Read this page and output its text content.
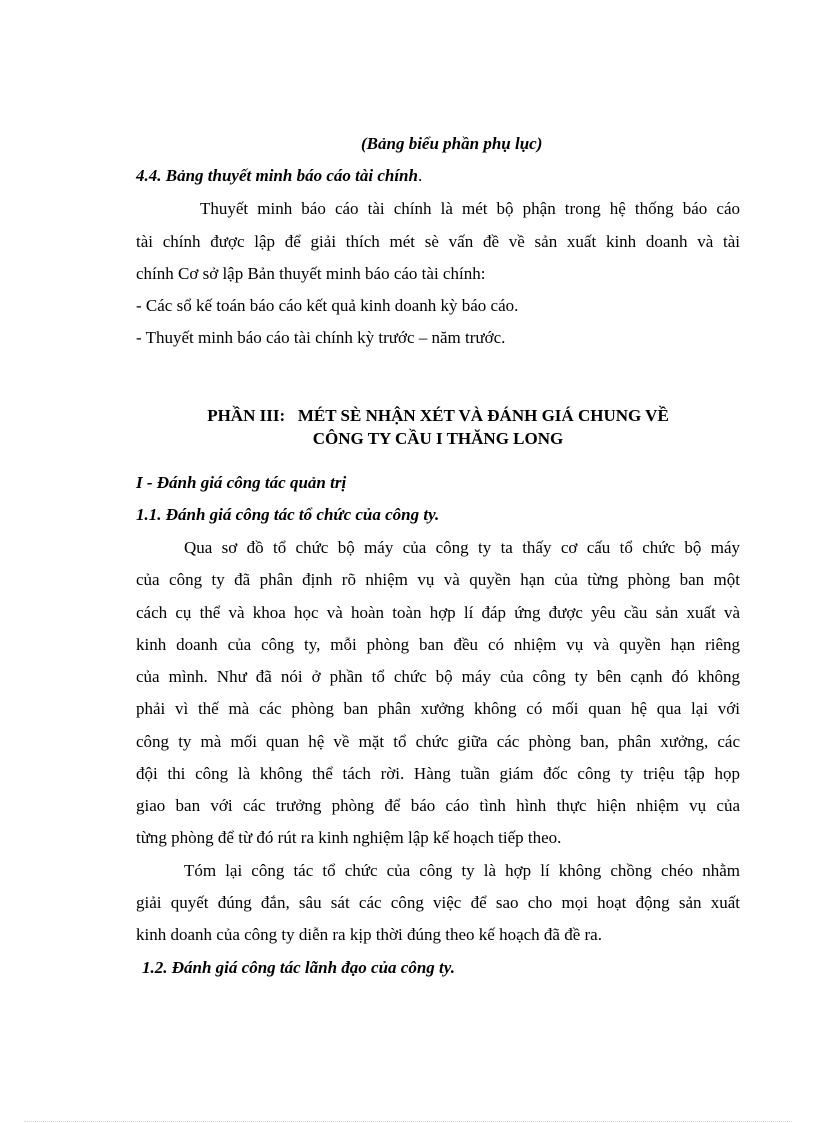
(Bảng biểu phần phụ lục)
4.4. Bảng thuyết minh báo cáo tài chính.
Thuyết minh báo cáo tài chính là mét bộ phận trong hệ thống báo cáo
tài chính được lập để giải thích mét sè vấn đề về sản xuất kinh doanh và tài
chính Cơ sở lập Bản thuyết minh báo cáo tài chính:
- Các sổ kế toán báo cáo kết quả kinh doanh kỳ báo cáo.
- Thuyết minh báo cáo tài chính kỳ trước – năm trước.
PHẦN III:   MÉT SÈ NHẬN XÉT VÀ ĐÁNH GIÁ CHUNG VỀ
CÔNG TY CẦU I THĂNG LONG
I - Đánh giá công tác quản trị
1.1. Đánh giá công tác tổ chức của công ty.
Qua sơ đồ tổ chức bộ máy của công ty ta thấy cơ cấu tổ chức bộ máy
của công ty đã phân định rõ nhiệm vụ và quyền hạn của từng phòng ban một
cách cụ thể và khoa học và hoàn toàn hợp lí đáp ứng được yêu cầu sản xuất và
kinh doanh của công ty, mỗi phòng ban đều có nhiệm vụ và quyền hạn riêng
của mình. Như đã nói ở phần tổ chức bộ máy của công ty bên cạnh đó không
phải vì thế mà các phòng ban phân xưởng không có mối quan hệ qua lại với
công ty mà mối quan hệ về mặt tổ chức giữa các phòng ban, phân xưởng, các
đội thi công là không thể tách rời. Hàng tuần giám đốc công ty triệu tập họp
giao ban với các trưởng phòng để báo cáo tình hình thực hiện nhiệm vụ của
từng phòng để từ đó rút ra kinh nghiệm lập kế hoạch tiếp theo.
Tóm lại công tác tổ chức của công ty là hợp lí không chồng chéo nhằm
giải quyết đúng đắn, sâu sát các công việc để sao cho mọi hoạt động sản xuất
kinh doanh của công ty diễn ra kịp thời đúng theo kế hoạch đã đề ra.
1.2. Đánh giá công tác lãnh đạo của công ty.
